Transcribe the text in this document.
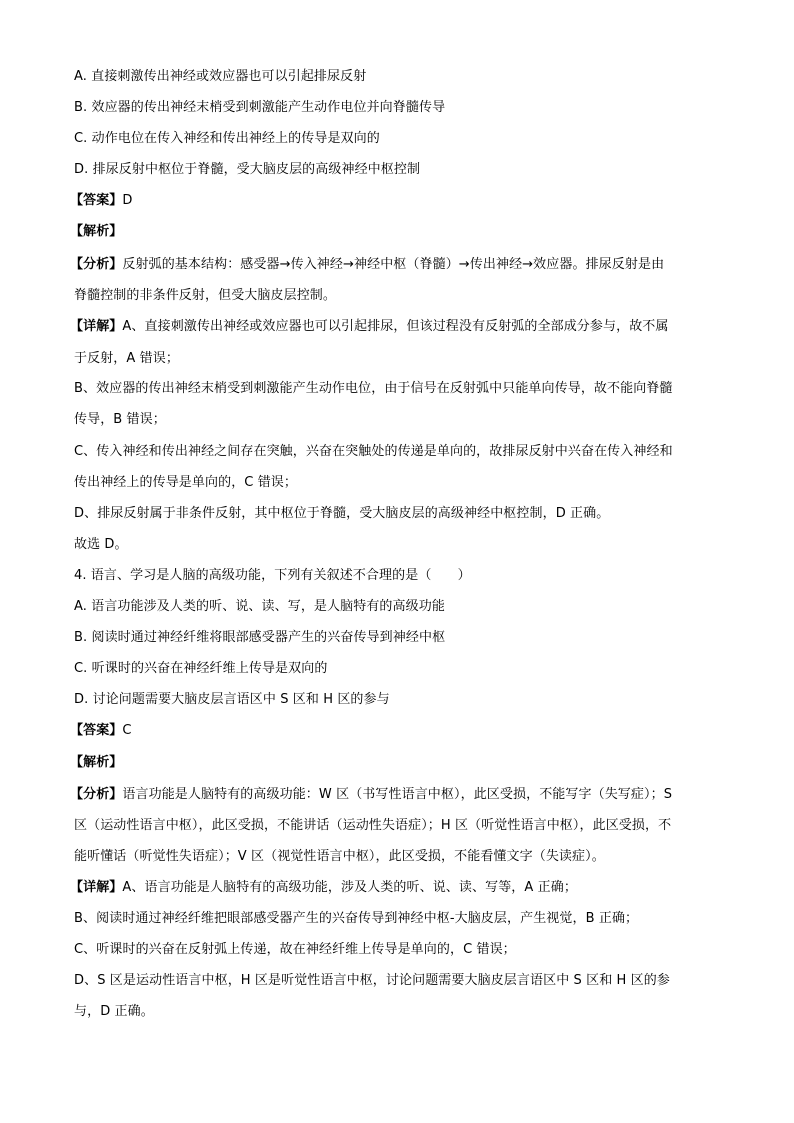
A. 直接刺激传出神经或效应器也可以引起排尿反射
B. 效应器的传出神经末梢受到刺激能产生动作电位并向脊髓传导
C. 动作电位在传入神经和传出神经上的传导是双向的
D. 排尿反射中枢位于脊髓，受大脑皮层的高级神经中枢控制
【答案】D
【解析】
【分析】反射弧的基本结构：感受器→传入神经→神经中枢（脊髓）→传出神经→效应器。排尿反射是由
脊髓控制的非条件反射，但受大脑皮层控制。
【详解】A、直接刺激传出神经或效应器也可以引起排尿，但该过程没有反射弧的全部成分参与，故不属
于反射，A 错误；
B、效应器的传出神经末梢受到刺激能产生动作电位，由于信号在反射弧中只能单向传导，故不能向脊髓
传导，B 错误；
C、传入神经和传出神经之间存在突触，兴奋在突触处的传递是单向的，故排尿反射中兴奋在传入神经和
传出神经上的传导是单向的，C 错误；
D、排尿反射属于非条件反射，其中枢位于脊髓，受大脑皮层的高级神经中枢控制，D 正确。
故选 D。
4. 语言、学习是人脑的高级功能，下列有关叙述不合理的是（　　）
A. 语言功能涉及人类的听、说、读、写，是人脑特有的高级功能
B. 阅读时通过神经纤维将眼部感受器产生的兴奋传导到神经中枢
C. 听课时的兴奋在神经纤维上传导是双向的
D. 讨论问题需要大脑皮层言语区中 S 区和 H 区的参与
【答案】C
【解析】
【分析】语言功能是人脑特有的高级功能：W 区（书写性语言中枢），此区受损，不能写字（失写症）；S
区（运动性语言中枢），此区受损，不能讲话（运动性失语症）；H 区（听觉性语言中枢），此区受损，不
能听懂话（听觉性失语症）；V 区（视觉性语言中枢），此区受损，不能看懂文字（失读症）。
【详解】A、语言功能是人脑特有的高级功能，涉及人类的听、说、读、写等，A 正确；
B、阅读时通过神经纤维把眼部感受器产生的兴奋传导到神经中枢-大脑皮层，产生视觉，B 正确；
C、听课时的兴奋在反射弧上传递，故在神经纤维上传导是单向的，C 错误；
D、S 区是运动性语言中枢，H 区是听觉性语言中枢，讨论问题需要大脑皮层言语区中 S 区和 H 区的参
与，D 正确。
